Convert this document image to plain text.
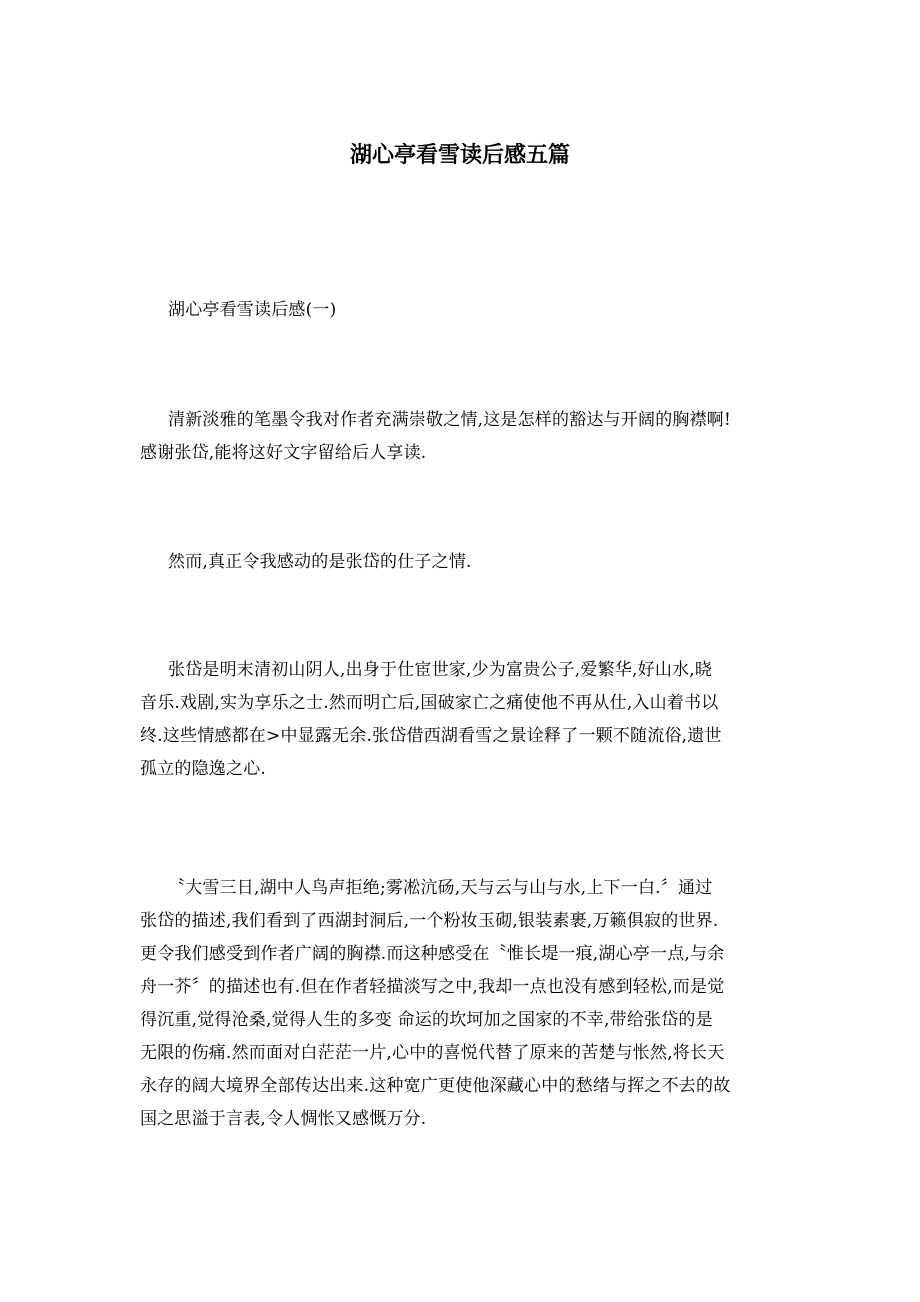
湖心亭看雪读后感五篇

湖心亭看雪读后感(一)

清新淡雅的笔墨令我对作者充满崇敬之情,这是怎样的豁达与开阔的胸襟啊!
感谢张岱,能将这好文字留给后人享读.

然而,真正令我感动的是张岱的仕子之情.

张岱是明末清初山阴人,出身于仕宦世家,少为富贵公子,爱繁华,好山水,晓
音乐.戏剧,实为享乐之士.然而明亡后,国破家亡之痛使他不再从仕,入山着书以
终.这些情感都在>中显露无余.张岱借西湖看雪之景诠释了一颗不随流俗,遗世
孤立的隐逸之心.

〝大雪三日,湖中人鸟声拒绝;雾凇沆砀,天与云与山与水,上下一白.〞通过
张岱的描述,我们看到了西湖封洞后,一个粉妆玉砌,银装素裹,万籁俱寂的世界.
更令我们感受到作者广阔的胸襟.而这种感受在〝惟长堤一痕,湖心亭一点,与余
舟一芥〞的描述也有.但在作者轻描淡写之中,我却一点也没有感到轻松,而是觉
得沉重,觉得沧桑,觉得人生的多变 命运的坎坷加之国家的不幸,带给张岱的是
无限的伤痛.然而面对白茫茫一片,心中的喜悦代替了原来的苦楚与怅然,将长天
永存的阔大境界全部传达出来.这种宽广更使他深藏心中的愁绪与挥之不去的故
国之思溢于言表,令人惆怅又感慨万分.
